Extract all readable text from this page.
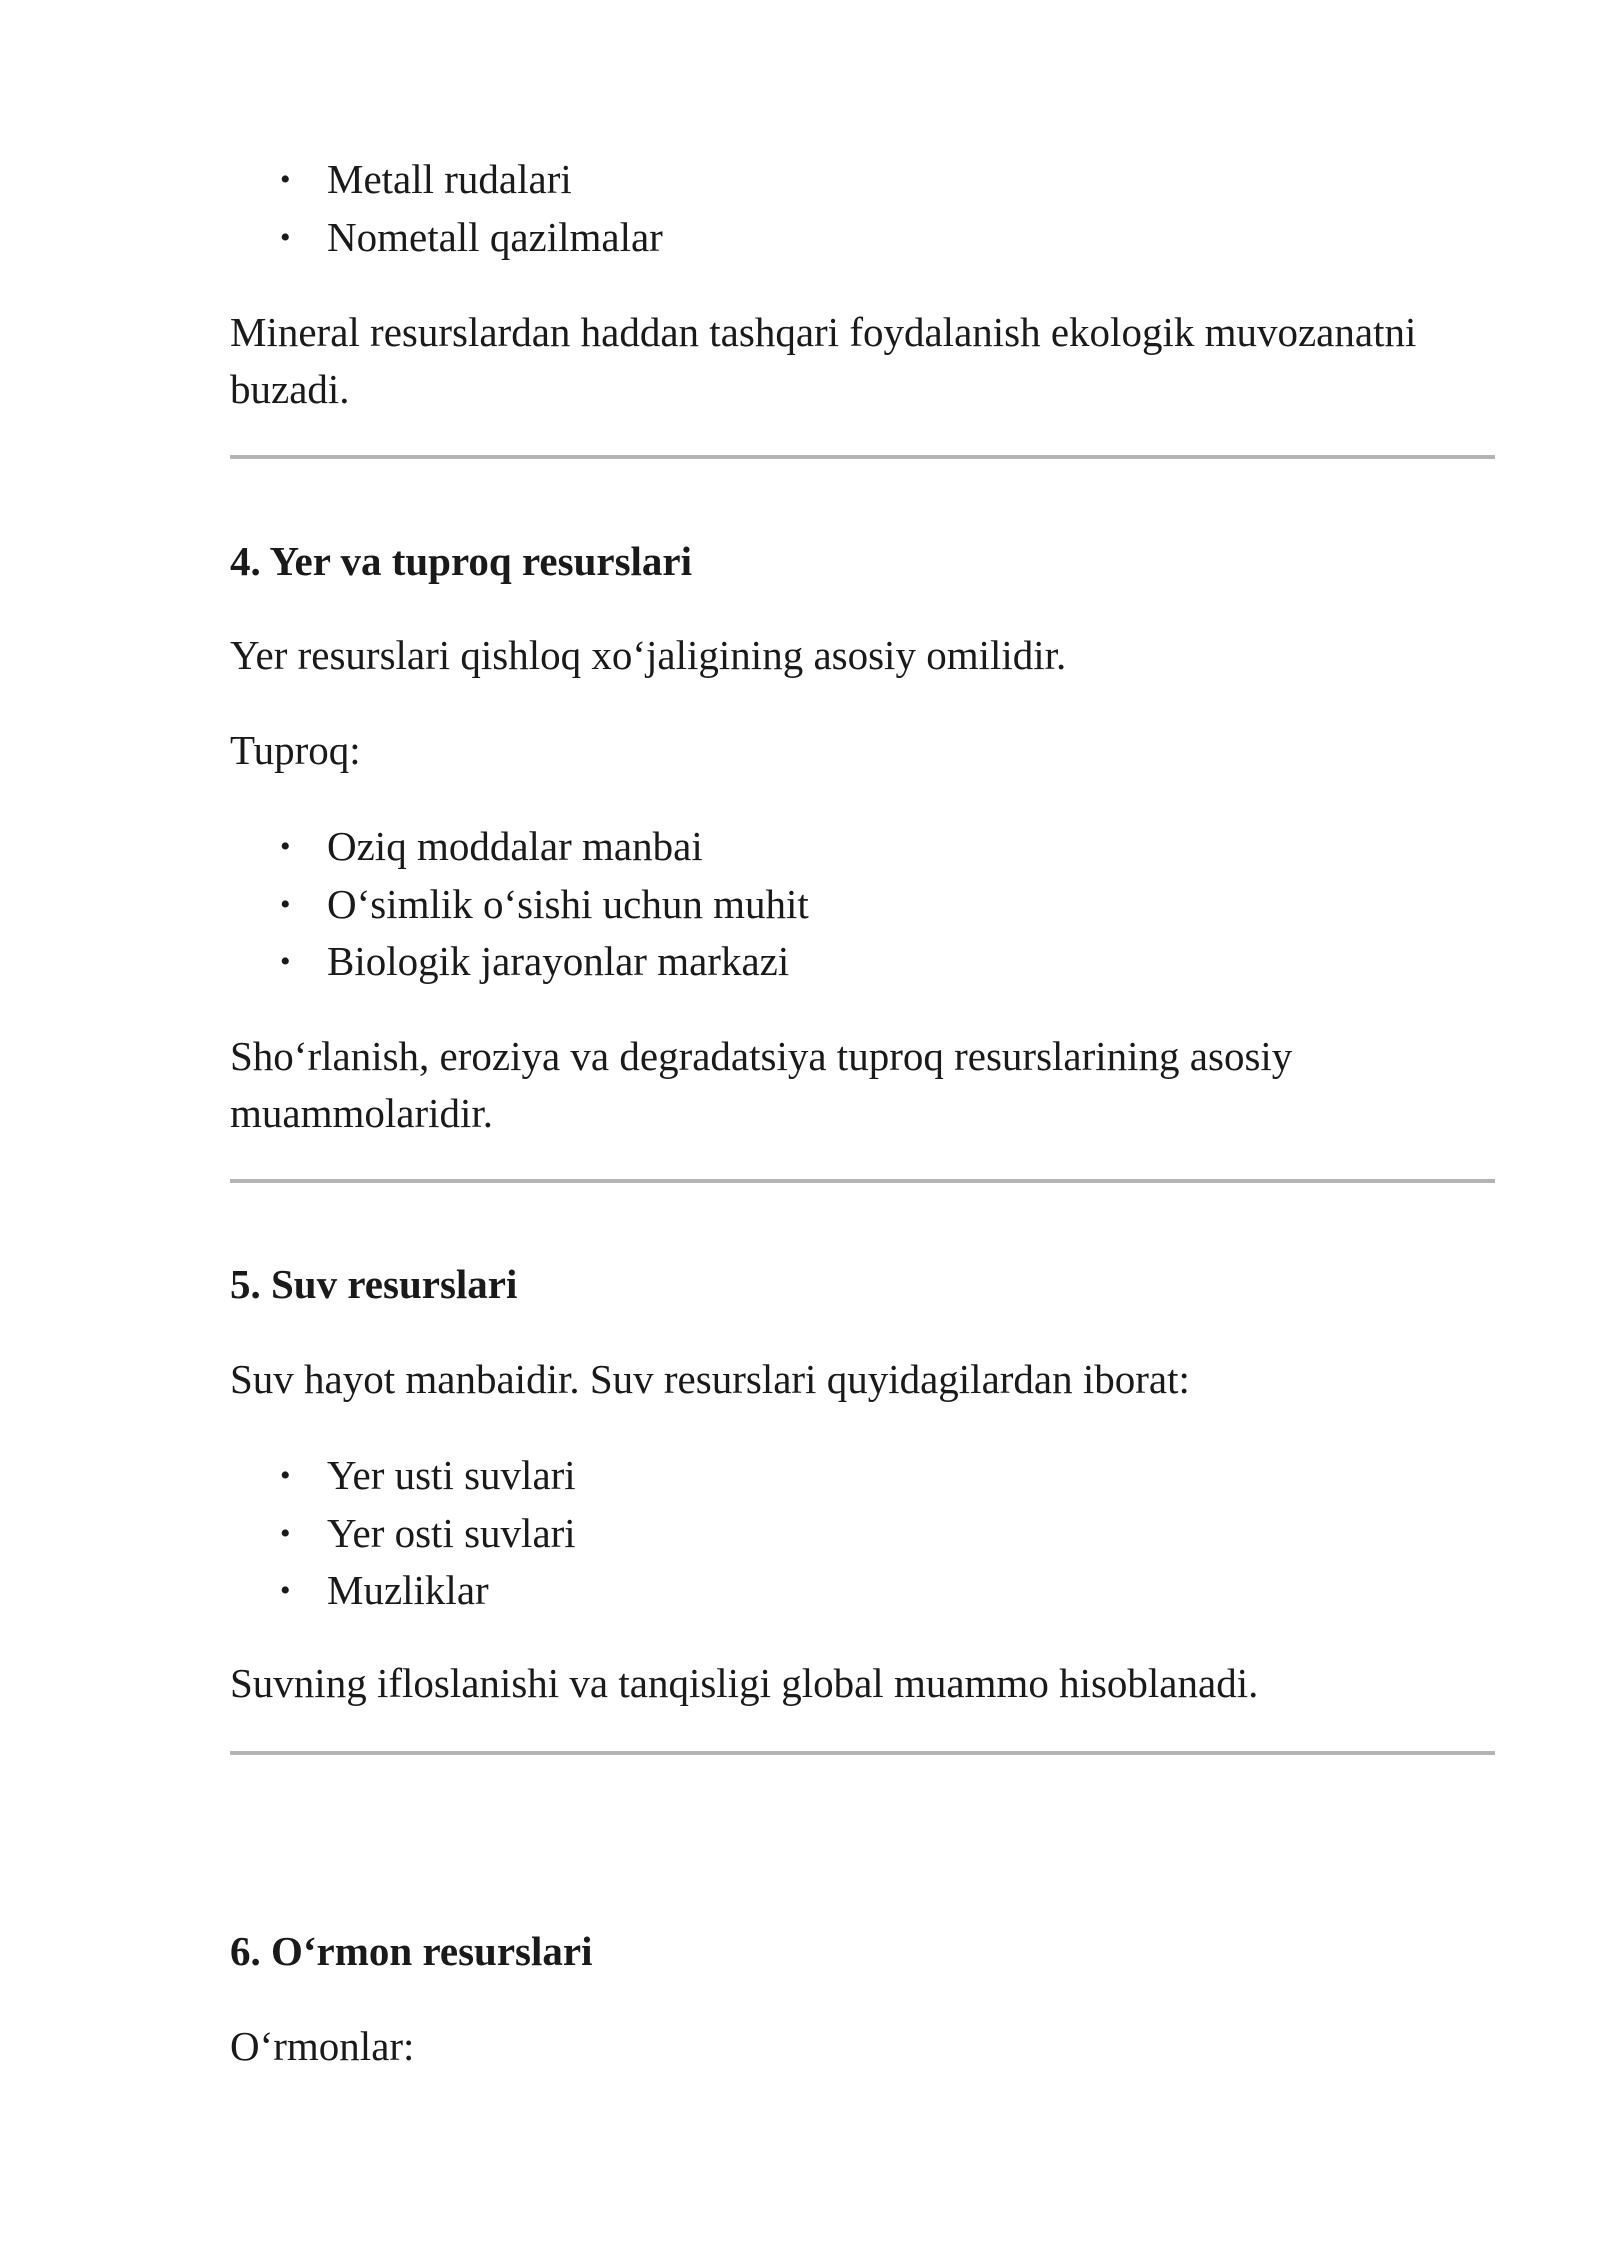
• Metall rudalari
• Nometall qazilmalar

Mineral resurslardan haddan tashqari foydalanish ekologik muvozanatni buzadi.

4. Yer va tuproq resurslari

Yer resurslari qishloq xo‘jaligining asosiy omilidir.

Tuproq:

• Oziq moddalar manbai
• O‘simlik o‘sishi uchun muhit
• Biologik jarayonlar markazi

Sho‘rlanish, eroziya va degradatsiya tuproq resurslarining asosiy muammolaridir.

5. Suv resurslari

Suv hayot manbaidir. Suv resurslari quyidagilardan iborat:

• Yer usti suvlari
• Yer osti suvlari
• Muzliklar

Suvning ifloslanishi va tanqisligi global muammo hisoblanadi.

6. O‘rmon resurslari

O‘rmonlar:
